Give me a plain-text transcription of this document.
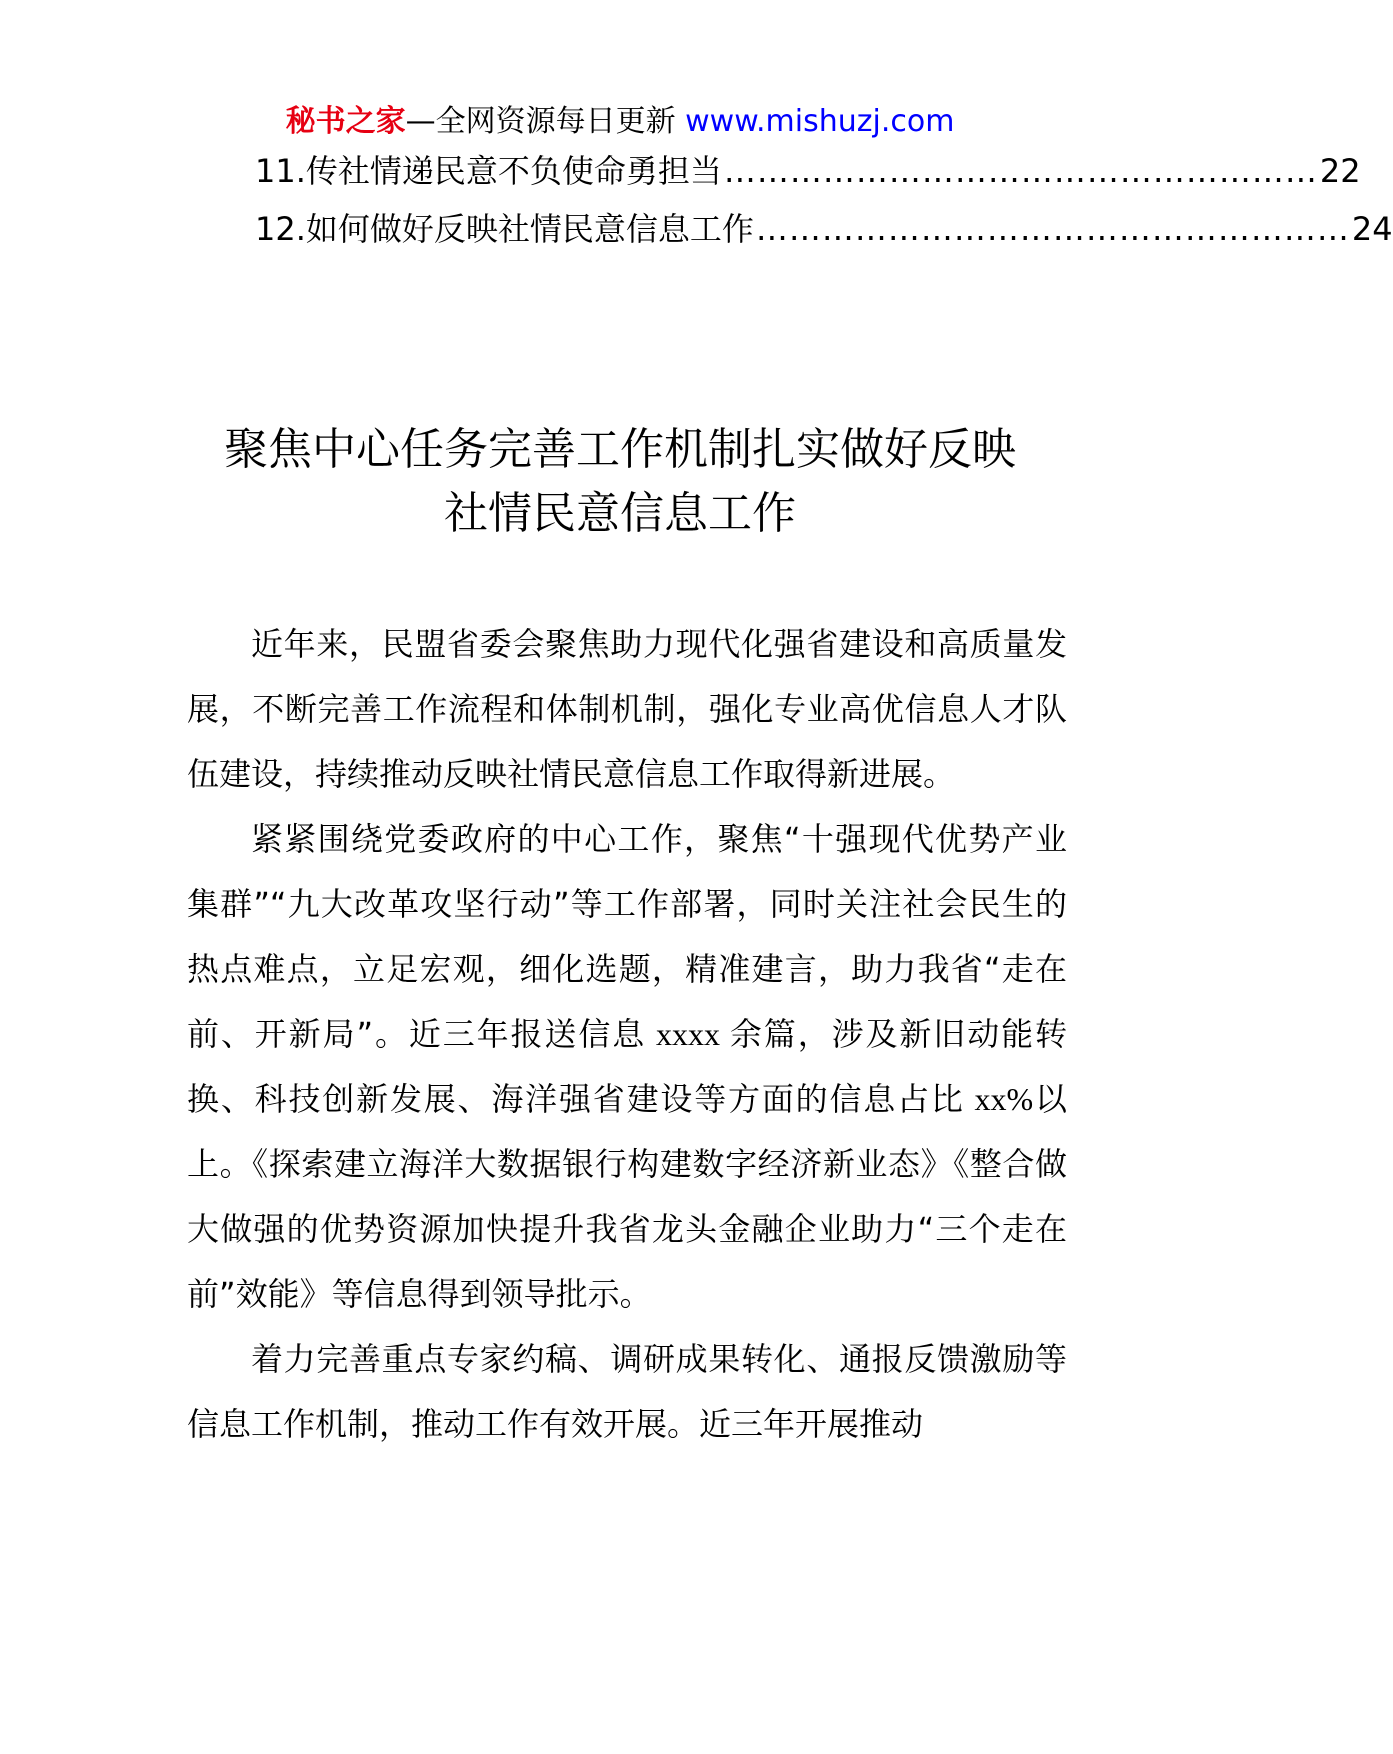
秘书之家—全网资源每日更新 www.mishuzj.com
11.传社情递民意不负使命勇担当 ……………………………………………… 22
12.如何做好反映社情民意信息工作 ……………………………………………… 24
聚焦中心任务完善工作机制扎实做好反映
社情民意信息工作

近年来，民盟省委会聚焦助力现代化强省建设和高质量发展，不断完善工作流程和体制机制，强化专业高优信息人才队伍建设，持续推动反映社情民意信息工作取得新进展。

紧紧围绕党委政府的中心工作，聚焦“十强现代优势产业集群”“九大改革攻坚行动”等工作部署，同时关注社会民生的热点难点，立足宏观，细化选题，精准建言，助力我省“走在前、开新局”。近三年报送信息 xxxx 余篇，涉及新旧动能转换、科技创新发展、海洋强省建设等方面的信息占比 xx%以上。《探索建立海洋大数据银行构建数字经济新业态》《整合做大做强的优势资源加快提升我省龙头金融企业助力“三个走在前”效能》等信息得到领导批示。

着力完善重点专家约稿、调研成果转化、通报反馈激励等信息工作机制，推动工作有效开展。近三年开展推动
